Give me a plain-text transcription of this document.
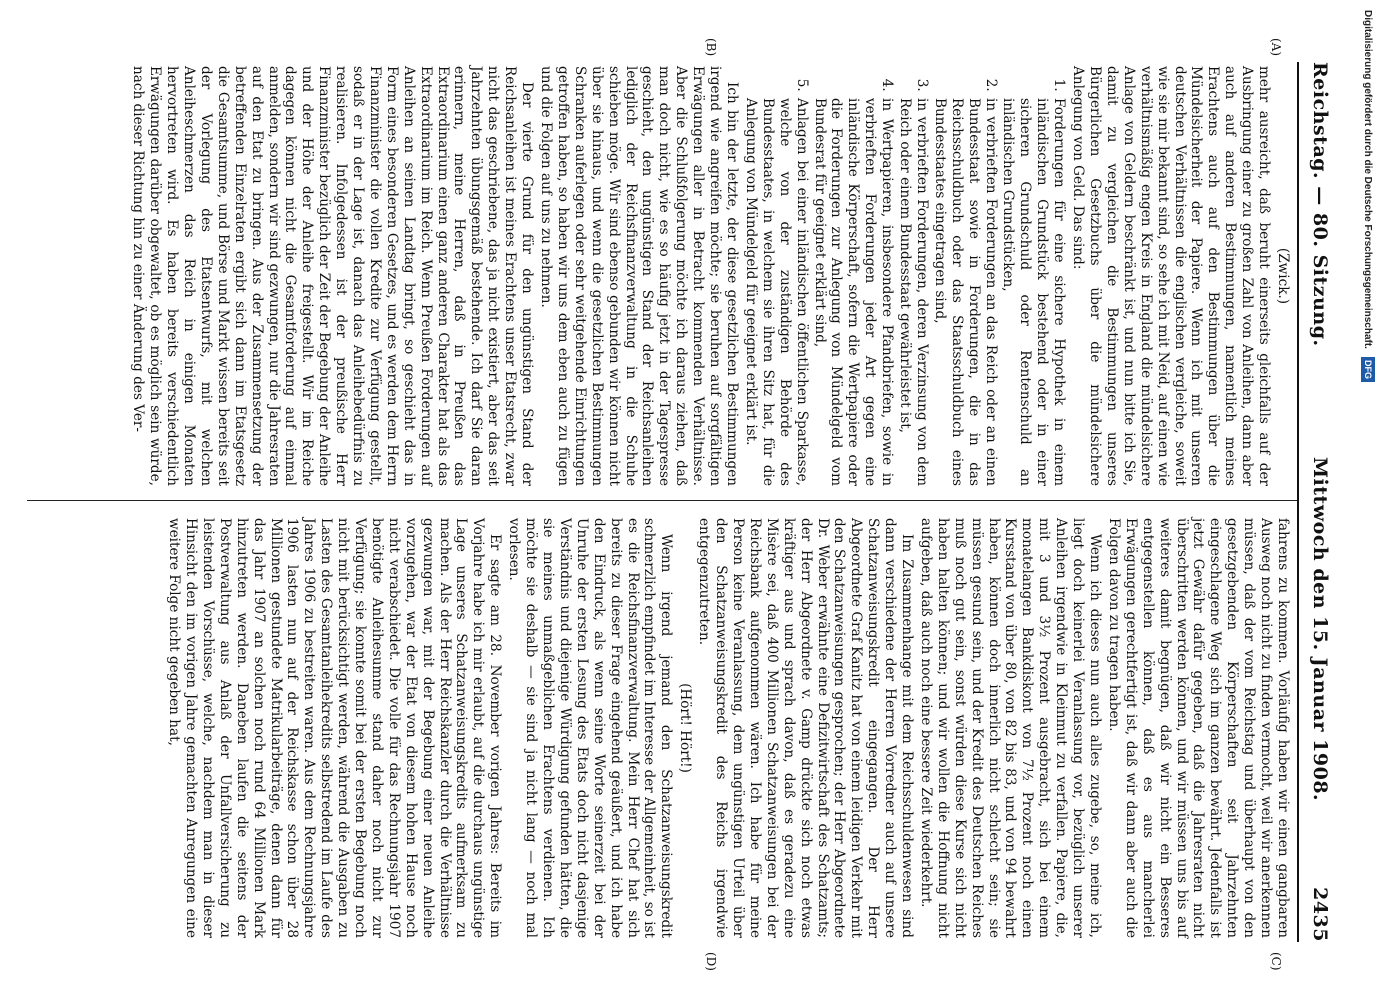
Reichstag. — 80. Sitzung.
Mittwoch den 15. Januar 1908.
2435
(A)
(B)
(C)
(D)

(Zwick.)

mehr ausreicht, daß beruht einerseits gleichfalls auf der Ausbringung einer zu großen Zahl von Anleihen, dann aber auch auf anderen Bestimmungen, namentlich meines Erachtens auch auf den Bestimmungen über die Mündelsicherheit der Papiere. Wenn ich mit unseren deutschen Verhältnissen die englischen vergleiche, soweit wie sie mir bekannt sind, so sehe ich mit Neid, auf einen wie verhältnismäßig engen Kreis in England die mündelsichere Anlage von Geldern beschränkt ist, und nun bitte ich Sie, damit zu vergleichen die Bestimmungen unseres Bürgerlichen Gesetzbuchs über die mündelsichere Anlegung von Geld. Das sind:

1. Forderungen für eine sichere Hypothek in einem inländischen Grundstück bestehend oder in einer sicheren Grundschuld oder Rentenschuld an inländischen Grundstücken,
2. in verbrieften Forderungen an das Reich oder an einen Bundesstaat sowie in Forderungen, die in das Reichsschuldbuch oder das Staatsschuldbuch eines Bundesstaates eingetragen sind,
3. in verbrieften Forderungen, deren Verzinsung von dem Reich oder einem Bundesstaat gewährleistet ist,
4. in Wertpapieren, insbesondere Pfandbriefen, sowie in verbrieften Forderungen jeder Art gegen eine inländische Körperschaft, sofern die Wertpapiere oder die Forderungen zur Anlegung von Mündelgeld vom Bundesrat für geeignet erklärt sind,
5. Anlagen bei einer inländischen öffentlichen Sparkasse, welche von der zuständigen Behörde des Bundesstaates, in welchem sie ihren Sitz hat, für die Anlegung von Mündelgeld für geeignet erklärt ist.

Ich bin der letzte, der diese gesetzlichen Bestimmungen irgend wie angreifen möchte; sie beruhen auf sorgfältigen Erwägungen aller in Betracht kommenden Verhältnisse. Aber die Schlußfolgerung möchte ich daraus ziehen, daß man doch nicht, wie es so häufig jetzt in der Tagespresse geschieht, den ungünstigen Stand der Reichsanleihen lediglich der Reichsfinanzverwaltung in die Schuhe schieben möge. Wir sind ebenso gebunden wir können nicht über sie hinaus, und wenn die gesetzlichen Bestimmungen Schranken auferlegen oder sehr weitgehende Einrichtungen getroffen haben, so haben wir uns dem eben auch zu fügen und die Folgen auf uns zu nehmen.

Der vierte Grund für den ungünstigen Stand der Reichsanleihen ist meines Erachtens unser Etatsrecht, zwar nicht das geschriebene, das ja nicht existiert, aber das seit Jahrzehnten übungsgemäß bestehende. Ich darf Sie daran erinnern, meine Herren, daß in Preußen das Extraordinarium einen ganz anderen Charakter hat als das Extraordinarium im Reich. Wenn Preußen Forderungen auf Anleihen an seinen Landtag bringt, so geschieht das in Form eines besonderen Gesetzes, und es werden dem Herrn Finanzminister die vollen Kredite zur Verfügung gestellt, sodaß er in der Lage ist, danach das Anleihebedürfnis zu realisieren. Infolgedessen ist der preußische Herr Finanzminister bezüglich der Zeit der Begebung der Anleihe und der Höhe der Anleihe freigestellt. Wir im Reiche dagegen können nicht die Gesamtforderung auf einmal anmelden, sondern wir sind gezwungen, nur die Jahresraten auf den Etat zu bringen. Aus der Zusammensetzung der betreffenden Einzelraten ergibt sich dann im Etatsgesetz die Gesamtsumme, und Börse und Markt wissen bereits seit der Vorlegung des Etatsentwurfs, mit welchen Anleiheschmerzen das Reich in einigen Monaten hervortreten wird. Es haben bereits verschiedentlich Erwägungen darüber obgewaltet, ob es möglich sein würde, nach dieser Richtung hin zu einer Änderung des Ver-

fahrens zu kommen. Vorläufig haben wir einen gangbaren Ausweg noch nicht zu finden vermocht, weil wir anerkennen müssen, daß der vom Reichstag und überhaupt von den gesetzgebenden Körperschaften seit Jahrzehnten eingeschlagene Weg sich im ganzen bewährt. Jedenfalls ist jetzt Gewähr dafür gegeben, daß die Jahresraten nicht überschritten werden können, und wir müssen uns bis auf weiteres damit begnügen, daß wir nicht ein Besseres entgegenstellen können, daß es aus mancherlei Erwägungen gerechtfertigt ist, daß wir dann aber auch die Folgen davon zu tragen haben.

Wenn ich dieses nun auch alles zugebe, so, meine ich, liegt doch keinerlei Veranlassung vor, bezüglich unserer Anleihen irgendwie in Kleinmut zu verfallen. Papiere, die, mit 3 und 3½ Prozent ausgebracht, sich bei einem monatelangen Bankdiskont von 7½ Prozent noch einen Kursstand von über 80, von 82 bis 83, und von 94 bewahrt haben, können doch innerlich nicht schlecht sein; sie müssen gesund sein, und der Kredit des Deutschen Reiches muß noch gut sein, sonst würden diese Kurse sich nicht haben halten können; und wir wollen die Hoffnung nicht aufgeben, daß auch noch eine bessere Zeit wiederkehrt.

Im Zusammenhange mit dem Reichsschuldenwesen sind dann verschiedene der Herren Vorredner auch auf unsere Schatzanweisungskredit eingegangen. Der Herr Abgeordnete Graf Kanitz hat von einem leidigen Verkehr mit den Schatzanweisungen gesprochen; der Herr Abgeordnete Dr. Weber erwähnte eine Defizitwirtschaft des Schatzamts; der Herr Abgeordnete v. Gamp drückte sich noch etwas kräftiger aus und sprach davon, daß es geradezu eine Misère sei, daß 400 Millionen Schatzanweisungen bei der Reichsbank aufgenommen wären. Ich habe für meine Person keine Veranlassung, dem ungünstigen Urteil über den Schatzanweisungskredit des Reichs irgendwie entgegenzutreten.

(Hört! Hört!)

Wenn irgend jemand den Schatzanweisungskredit schmerzlich empfindet im Interesse der Allgemeinheit, so ist es die Reichsfinanzverwaltung. Mein Herr Chef hat sich bereits zu dieser Frage eingehend geäußert, und ich habe den Eindruck, als wenn seine Worte seinerzeit bei der Unruhe der ersten Lesung des Etats doch nicht dasjenige Verständnis und diejenige Würdigung gefunden hätten, die sie meines unmaßgeblichen Erachtens verdienen. Ich möchte sie deshalb — sie sind ja nicht lang — noch mal vorlesen.

Er sagte am 28. November vorigen Jahres: Bereits im Vorjahre habe ich mir erlaubt, auf die durchaus ungünstige Lage unseres Schatzanweisungskredits aufmerksam zu machen. Als der Herr Reichskanzler durch die Verhältnisse gezwungen war, mit der Begebung einer neuen Anleihe vorzugehen, war der Etat von diesem hohen Hause noch nicht verabschiedet. Die volle für das Rechnungsjahr 1907 benötigte Anleihesumme stand daher noch nicht zur Verfügung; sie konnte somit bei der ersten Begebung noch nicht mit berücksichtigt werden, während die Ausgaben zu Lasten des Gesamtanleihekredits selbstredend im Laufe des Jahres 1906 zu bestreiten waren. Aus dem Rechnungsjahre 1906 lasten nun auf der Reichskasse schon über 28 Millionen gestundete Matrikularbeiträge, denen dann für das Jahr 1907 an solchen noch rund 64 Millionen Mark hinzutreten werden. Daneben laufen die seitens der Postverwaltung aus Anlaß der Unfallversicherung zu leistenden Vorschüsse, welche, nachdem man in dieser Hinsicht den im vorigen Jahre gemachten Anregungen eine weitere Folge nicht gegeben hat,

Digitalisierung gefördert durch die Deutsche Forschungsgemeinschaft.DFG
